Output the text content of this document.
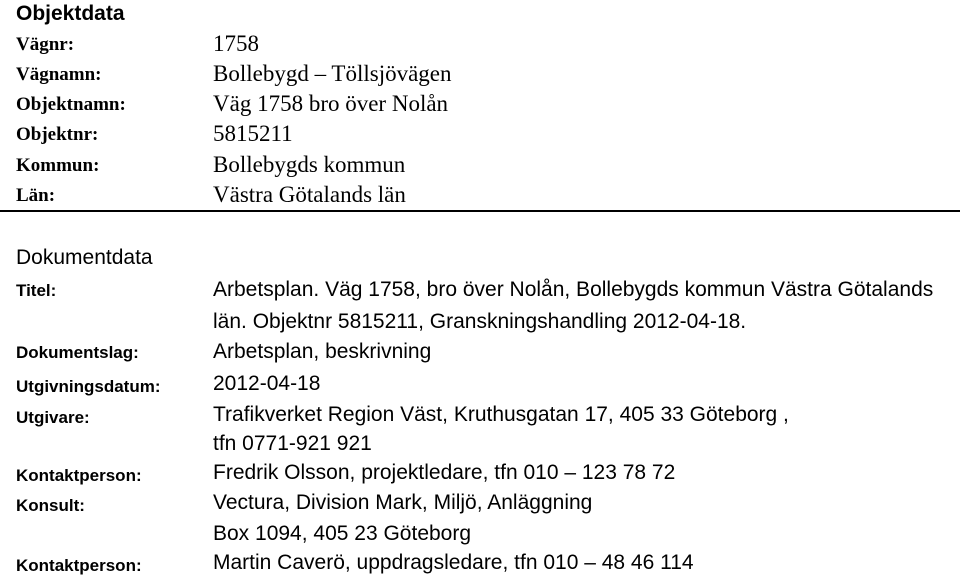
Objektdata
Vägnr:	1758
Vägnamn:	Bollebygd – Töllsjövägen
Objektnamn:	Väg 1758 bro över Nolån
Objektnr:	5815211
Kommun:	Bollebygds kommun
Län:	Västra Götalands län
Dokumentdata
Titel:	Arbetsplan. Väg 1758, bro över Nolån, Bollebygds kommun Västra Götalands län. Objektnr 5815211, Granskningshandling 2012-04-18.
Dokumentslag:	Arbetsplan, beskrivning
Utgivningsdatum:	2012-04-18
Utgivare:	Trafikverket Region Väst, Kruthusgatan 17, 405 33 Göteborg ,
tfn 0771-921 921
Kontaktperson:	Fredrik Olsson, projektledare, tfn 010 – 123 78 72
Konsult:	Vectura, Division Mark, Miljö, Anläggning
Box 1094, 405 23 Göteborg
Kontaktperson:	Martin Caverö, uppdragsledare, tfn 010 – 48 46 114
